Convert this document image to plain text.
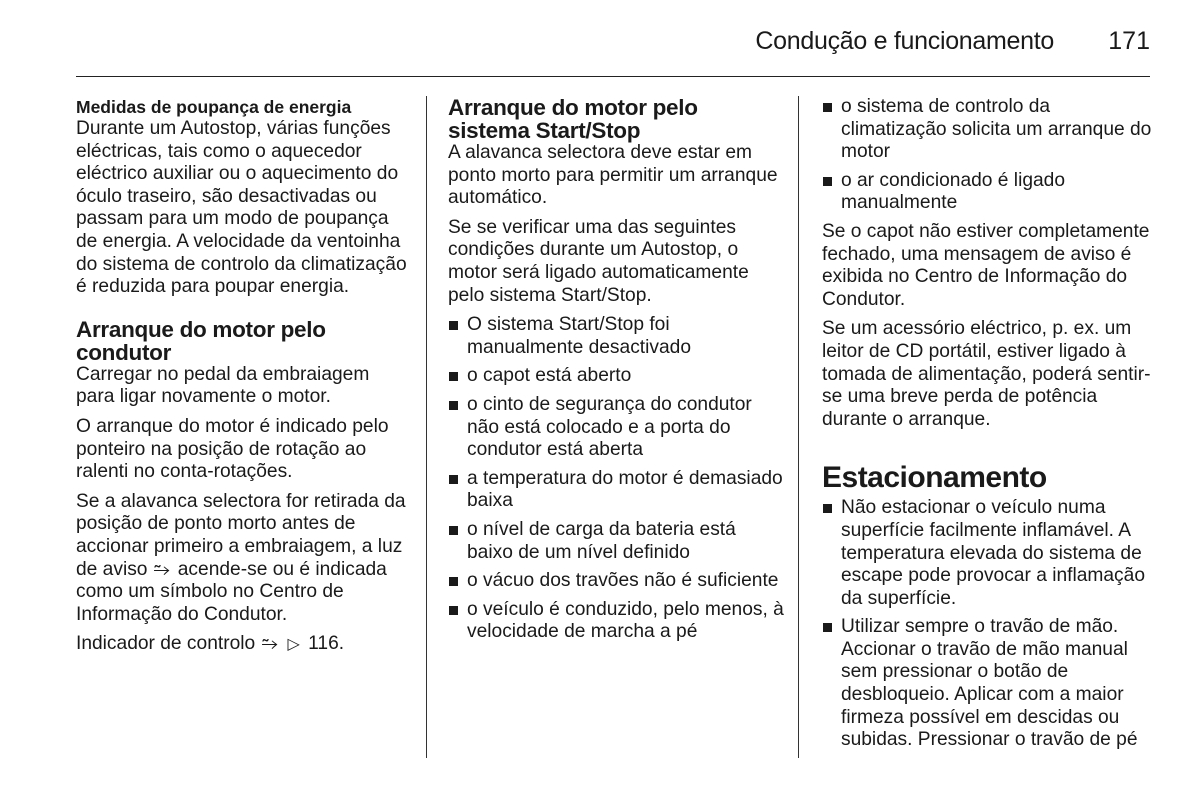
Condução e funcionamento 171
Medidas de poupança de energia

Durante um Autostop, várias funções eléctricas, tais como o aquecedor eléctrico auxiliar ou o aquecimento do óculo traseiro, são desactivadas ou passam para um modo de poupança de energia. A velocidade da ventoinha do sistema de controlo da climatização é reduzida para poupar energia.

Arranque do motor pelo condutor

Carregar no pedal da embraiagem para ligar novamente o motor.

O arranque do motor é indicado pelo ponteiro na posição de rotação ao ralenti no conta-rotações.

Se a alavanca selectora for retirada da posição de ponto morto antes de accionar primeiro a embraiagem, a luz de aviso ⥲ acende-se ou é indicada como um símbolo no Centro de Informação do Condutor.

Indicador de controlo ⥲ ▷ 116.

Arranque do motor pelo sistema Start/Stop

A alavanca selectora deve estar em ponto morto para permitir um arranque automático.

Se se verificar uma das seguintes condições durante um Autostop, o motor será ligado automaticamente pelo sistema Start/Stop.

O sistema Start/Stop foi manualmente desactivado
o capot está aberto
o cinto de segurança do condutor não está colocado e a porta do condutor está aberta
a temperatura do motor é demasiado baixa
o nível de carga da bateria está baixo de um nível definido
o vácuo dos travões não é suficiente
o veículo é conduzido, pelo menos, à velocidade de marcha a pé
o sistema de controlo da climatização solicita um arranque do motor
o ar condicionado é ligado manualmente

Se o capot não estiver completamente fechado, uma mensagem de aviso é exibida no Centro de Informação do Condutor.

Se um acessório eléctrico, p. ex. um leitor de CD portátil, estiver ligado à tomada de alimentação, poderá sentir-se uma breve perda de potência durante o arranque.

Estacionamento
Não estacionar o veículo numa superfície facilmente inflamável. A temperatura elevada do sistema de escape pode provocar a inflamação da superfície.
Utilizar sempre o travão de mão. Accionar o travão de mão manual sem pressionar o botão de desbloqueio. Aplicar com a maior firmeza possível em descidas ou subidas. Pressionar o travão de pé
